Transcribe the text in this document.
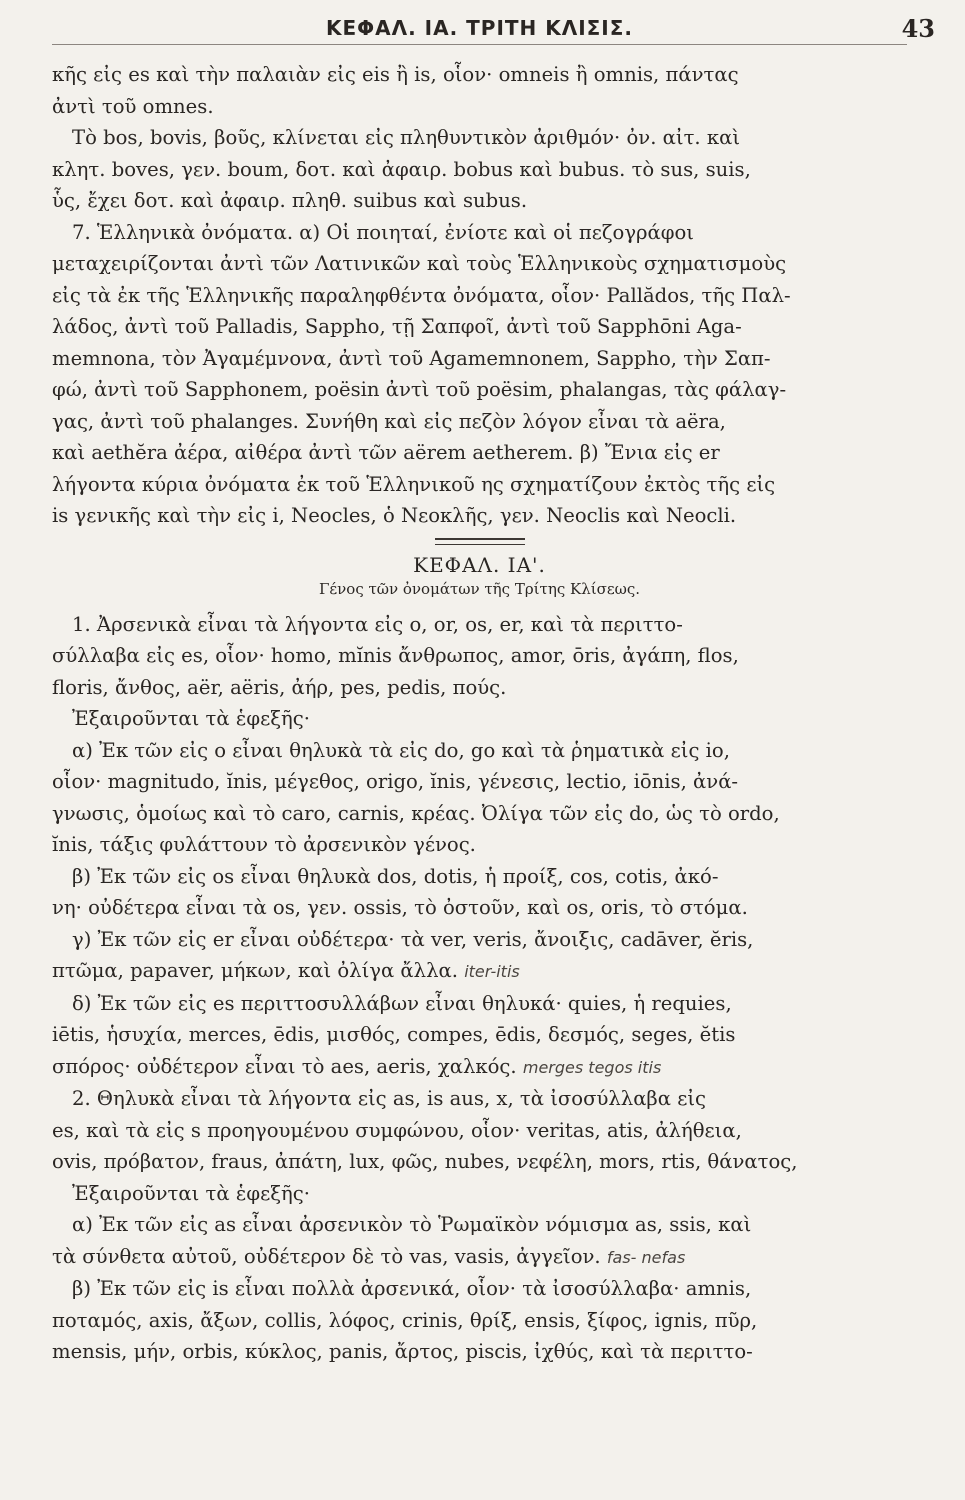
ΚΕΦΑΛ. ΙΑ. ΤΡΙΤΗ ΚΛΙΣΙΣ.	43
κῆς εἰς es καὶ τὴν παλαιὰν εἰς eis ἢ is, οἷον· omneis ἢ omnis, πάντας
ἀντὶ τοῦ omnes.
Τὸ bos, bovis, βοῦς, κλίνεται εἰς πληθυντικὸν ἀριθμόν· ὀν. αἰτ. καὶ
κλητ. boves, γεν. boum, δοτ. καὶ ἀφαιρ. bobus καὶ bubus. τὸ sus, suis,
ὗς, ἔχει δοτ. καὶ ἀφαιρ. πληθ. suibus καὶ subus.
7. Ἑλληνικὰ ὀνόματα. α) Οἱ ποιηταί, ἐνίοτε καὶ οἱ πεζογράφοι
μεταχειρίζονται ἀντὶ τῶν Λατινικῶν καὶ τοὺς Ἑλληνικοὺς σχηματισμοὺς
εἰς τὰ ἐκ τῆς Ἑλληνικῆς παραληφθέντα ὀνόματα, οἷον· Pallădos, τῆς Παλ-
λάδος, ἀντὶ τοῦ Palladis, Sappho, τῇ Σαπφοῖ, ἀντὶ τοῦ Sapphōni Aga-
memnona, τὸν Ἀγαμέμνονα, ἀντὶ τοῦ Agamemnonem, Sappho, τὴν Σαπ-
φώ, ἀντὶ τοῦ Sapphonem, poësin ἀντὶ τοῦ poësim, phalangas, τὰς φάλαγ-
γας, ἀντὶ τοῦ phalanges. Συνήθη καὶ εἰς πεζὸν λόγον εἶναι τὰ aëra,
καὶ aethĕra ἀέρα, αἰθέρα ἀντὶ τῶν aërem aetherem. β) Ἔνια εἰς er
λήγοντα κύρια ὀνόματα ἐκ τοῦ Ἑλληνικοῦ ης σχηματίζουν ἐκτὸς τῆς εἰς
is γενικῆς καὶ τὴν εἰς i, Neocles, ὁ Νεοκλῆς, γεν. Neoclis καὶ Neocli.
ΚΕΦΑΛ. ΙΑ'.
Γένος τῶν ὀνομάτων τῆς Τρίτης Κλίσεως.
1. Ἀρσενικὰ εἶναι τὰ λήγοντα εἰς o, or, os, er, καὶ τὰ περιττο-
σύλλαβα εἰς es, οἷον· homo, mĭnis ἄνθρωπος, amor, ōris, ἀγάπη, flos,
floris, ἄνθος, aër, aëris, ἀήρ, pes, pedis, πούς.
Ἐξαιροῦνται τὰ ἑφεξῆς·
α) Ἐκ τῶν εἰς o εἶναι θηλυκὰ τὰ εἰς do, go καὶ τὰ ῥηματικὰ εἰς io,
οἷον· magnitudo, ĭnis, μέγεθος, origo, ĭnis, γένεσις, lectio, iōnis, ἀνά-
γνωσις, ὁμοίως καὶ τὸ caro, carnis, κρέας. Ὀλίγα τῶν εἰς do, ὡς τὸ ordo,
ĭnis, τάξις φυλάττουν τὸ ἀρσενικὸν γένος.
β) Ἐκ τῶν εἰς os εἶναι θηλυκὰ dos, dotis, ἡ προίξ, cos, cotis, ἀκό-
νη· οὐδέτερα εἶναι τὰ os, γεν. ossis, τὸ ὀστοῦν, καὶ os, oris, τὸ στόμα.
γ) Ἐκ τῶν εἰς er εἶναι οὐδέτερα· τὰ ver, veris, ἄνοιξις, cadāver, ĕris,
πτῶμα, papaver, μήκων, καὶ ὀλίγα ἄλλα. iter-itis
δ) Ἐκ τῶν εἰς es περιττοσυλλάβων εἶναι θηλυκά· quies, ἡ requies,
iētis, ἡσυχία, merces, ēdis, μισθός, compes, ēdis, δεσμός, seges, ĕtis
σπόρος· οὐδέτερον εἶναι τὸ aes, aeris, χαλκός. merges tegos itis
2. Θηλυκὰ εἶναι τὰ λήγοντα εἰς as, is aus, x, τὰ ἰσοσύλλαβα εἰς
es, καὶ τὰ εἰς s προηγουμένου συμφώνου, οἷον· veritas, atis, ἀλήθεια,
ovis, πρόβατον, fraus, ἀπάτη, lux, φῶς, nubes, νεφέλη, mors, rtis, θάνατος,
Ἐξαιροῦνται τὰ ἑφεξῆς·
α) Ἐκ τῶν εἰς as εἶναι ἀρσενικὸν τὸ Ῥωμαϊκὸν νόμισμα as, ssis, καὶ
τὰ σύνθετα αὐτοῦ, οὐδέτερον δὲ τὸ vas, vasis, ἀγγεῖον. fas- nefas
β) Ἐκ τῶν εἰς is εἶναι πολλὰ ἀρσενικά, οἷον· τὰ ἰσοσύλλαβα· amnis,
ποταμός, axis, ἄξων, collis, λόφος, crinis, θρίξ, ensis, ξίφος, ignis, πῦρ,
mensis, μήν, orbis, κύκλος, panis, ἄρτος, piscis, ἰχθύς, καὶ τὰ περιττο-
